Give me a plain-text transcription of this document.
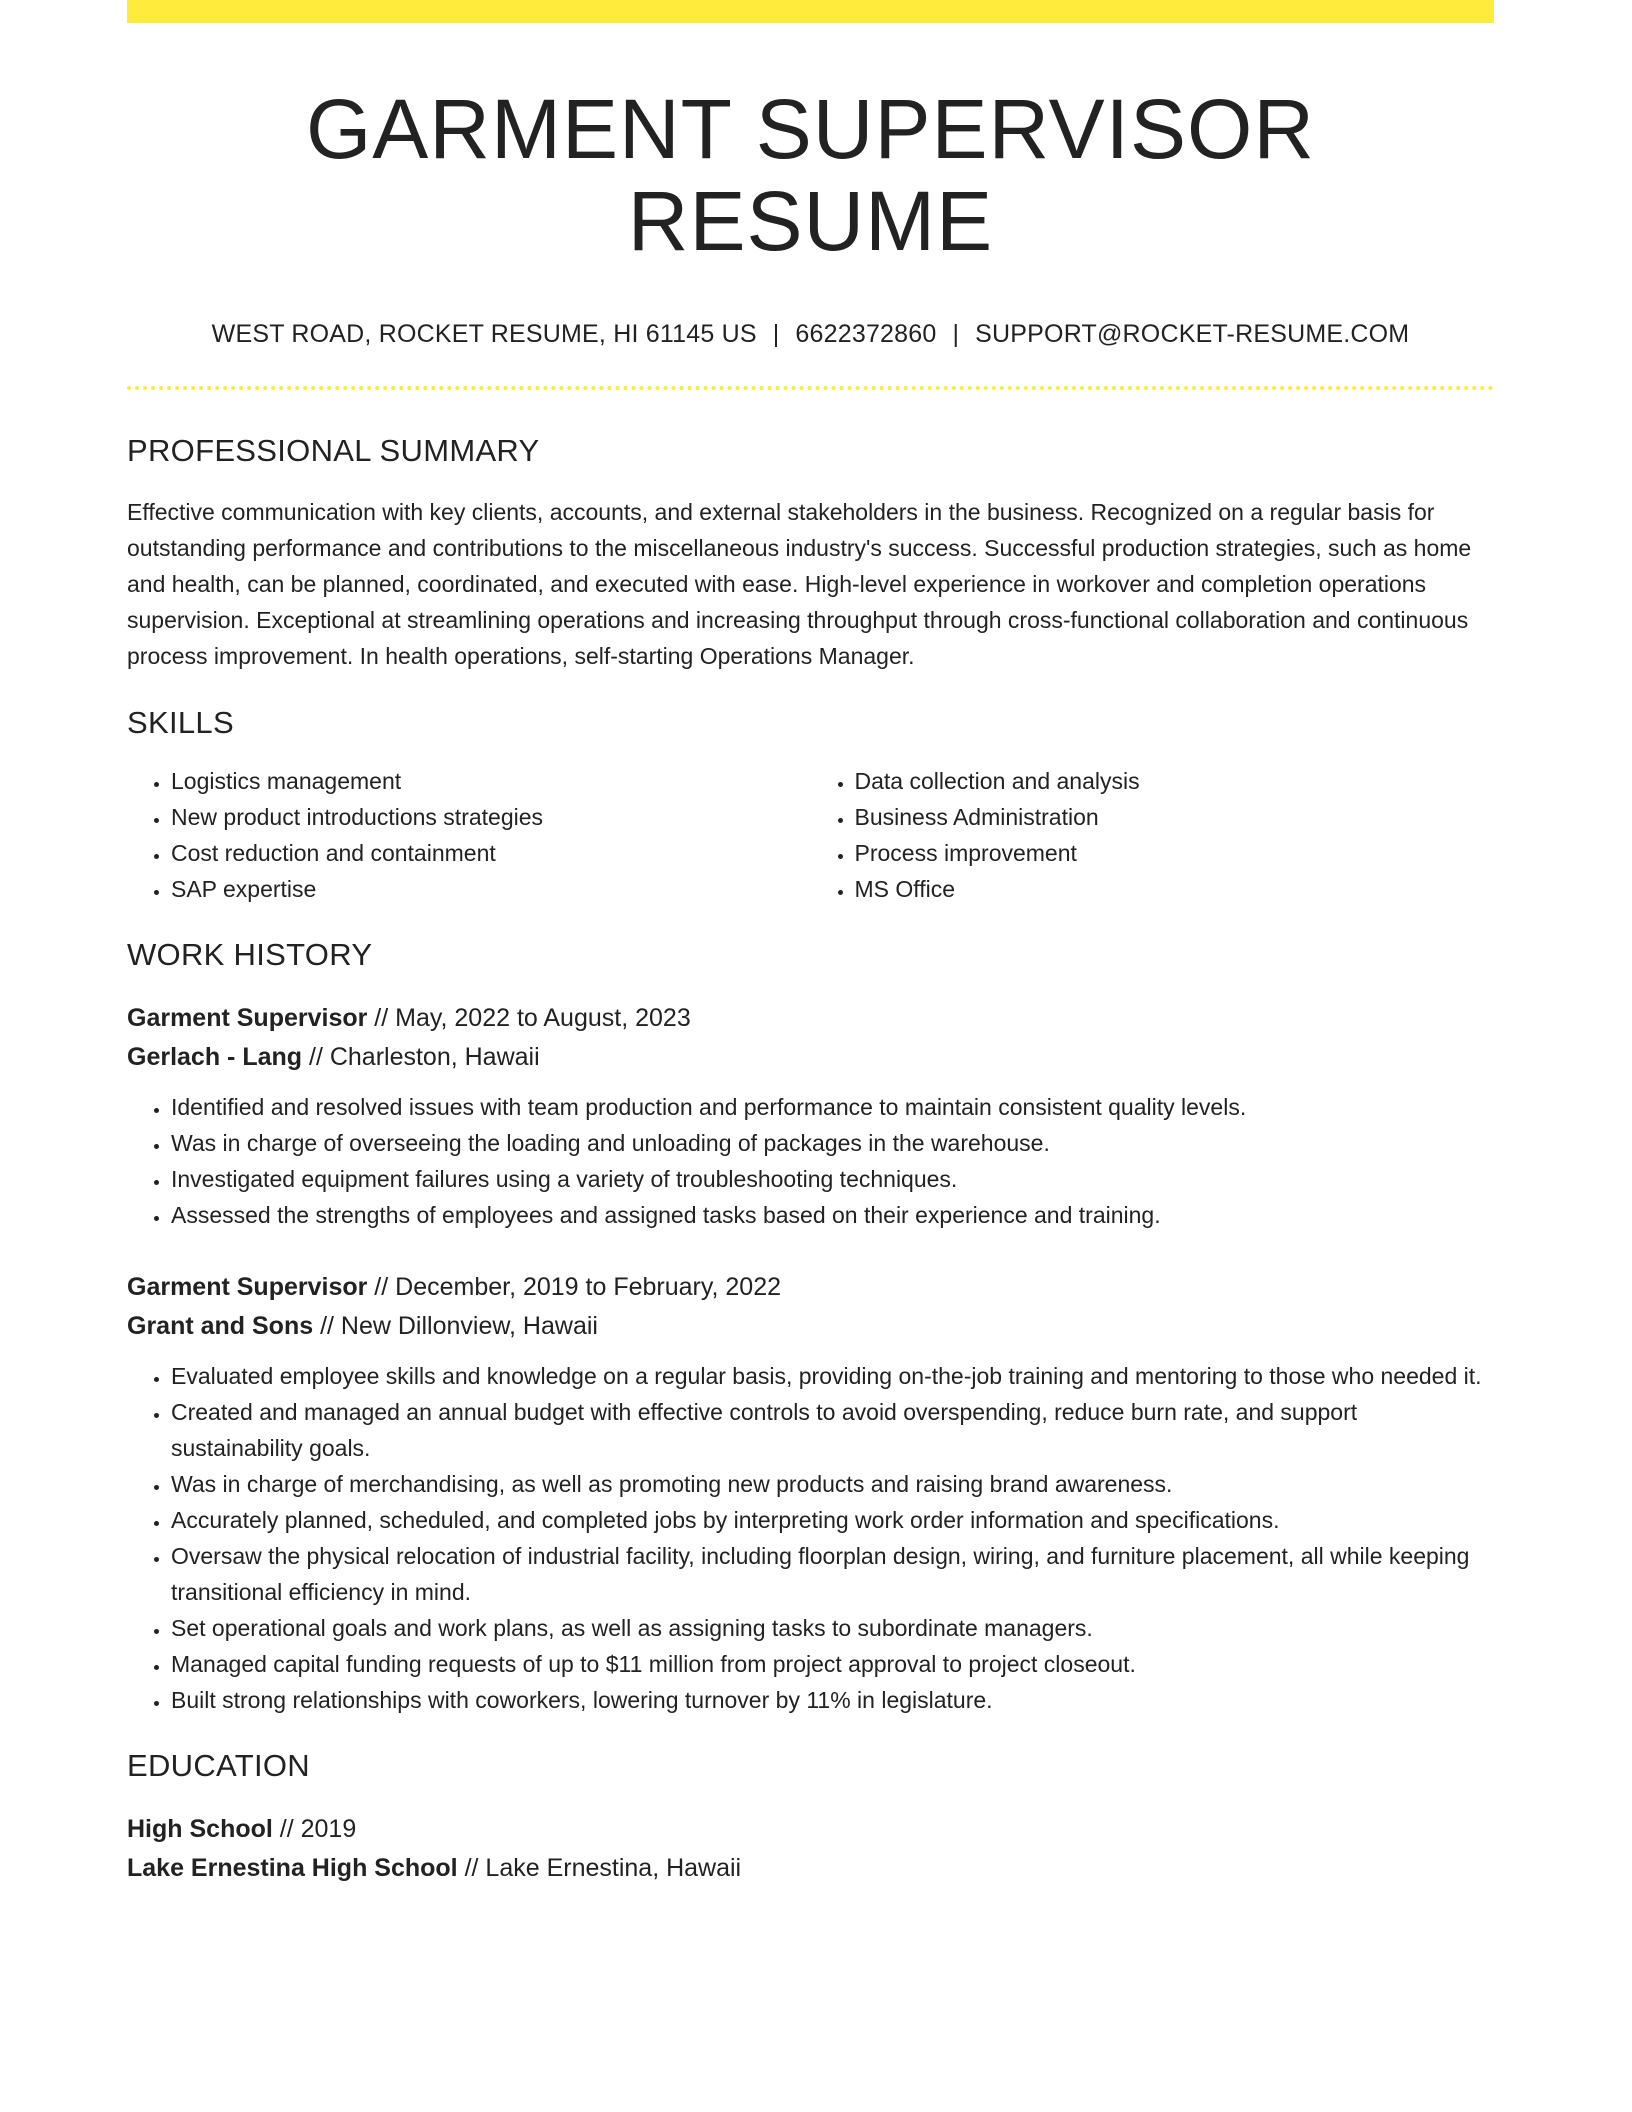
GARMENT SUPERVISOR RESUME
WEST ROAD, ROCKET RESUME, HI 61145 US | 6622372860 | SUPPORT@ROCKET-RESUME.COM
PROFESSIONAL SUMMARY
Effective communication with key clients, accounts, and external stakeholders in the business. Recognized on a regular basis for outstanding performance and contributions to the miscellaneous industry's success. Successful production strategies, such as home and health, can be planned, coordinated, and executed with ease. High-level experience in workover and completion operations supervision. Exceptional at streamlining operations and increasing throughput through cross-functional collaboration and continuous process improvement. In health operations, self-starting Operations Manager.
SKILLS
• Logistics management
• New product introductions strategies
• Cost reduction and containment
• SAP expertise
• Data collection and analysis
• Business Administration
• Process improvement
• MS Office
WORK HISTORY
Garment Supervisor // May, 2022 to August, 2023
Gerlach - Lang // Charleston, Hawaii
• Identified and resolved issues with team production and performance to maintain consistent quality levels.
• Was in charge of overseeing the loading and unloading of packages in the warehouse.
• Investigated equipment failures using a variety of troubleshooting techniques.
• Assessed the strengths of employees and assigned tasks based on their experience and training.
Garment Supervisor // December, 2019 to February, 2022
Grant and Sons // New Dillonview, Hawaii
• Evaluated employee skills and knowledge on a regular basis, providing on-the-job training and mentoring to those who needed it.
• Created and managed an annual budget with effective controls to avoid overspending, reduce burn rate, and support sustainability goals.
• Was in charge of merchandising, as well as promoting new products and raising brand awareness.
• Accurately planned, scheduled, and completed jobs by interpreting work order information and specifications.
• Oversaw the physical relocation of industrial facility, including floorplan design, wiring, and furniture placement, all while keeping transitional efficiency in mind.
• Set operational goals and work plans, as well as assigning tasks to subordinate managers.
• Managed capital funding requests of up to $11 million from project approval to project closeout.
• Built strong relationships with coworkers, lowering turnover by 11% in legislature.
EDUCATION
High School // 2019
Lake Ernestina High School // Lake Ernestina, Hawaii
